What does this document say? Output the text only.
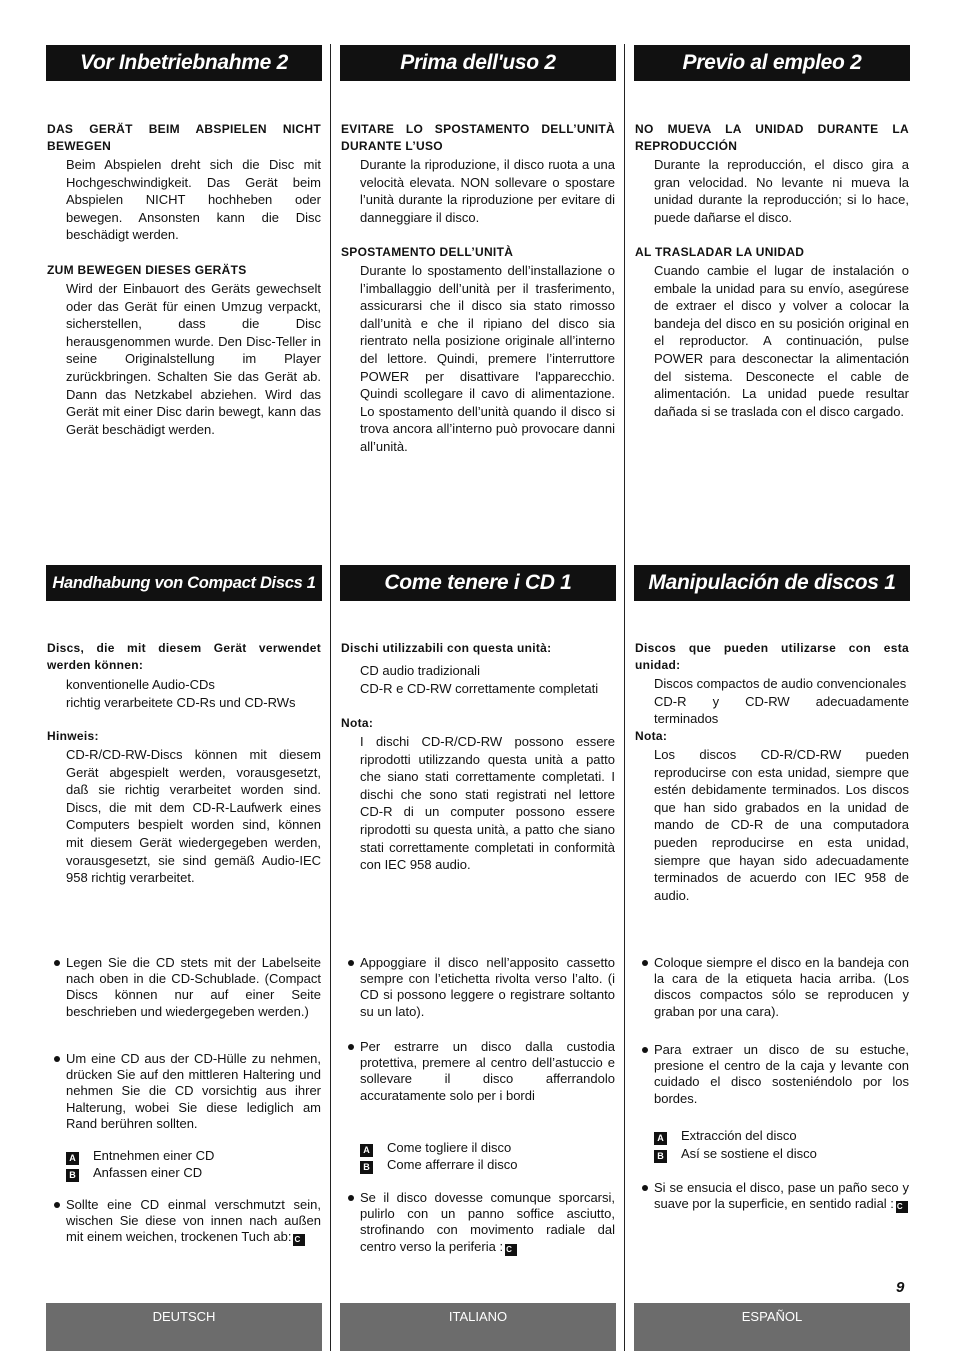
Vor Inbetriebnahme 2
DAS GERÄT BEIM ABSPIELEN NICHT BEWEGEN
Beim Abspielen dreht sich die Disc mit Hochgeschwindigkeit. Das Gerät beim Abspielen NICHT hochheben oder bewegen. Ansonsten kann die Disc beschädigt werden.
ZUM BEWEGEN DIESES GERÄTS
Wird der Einbauort des Geräts gewechselt oder das Gerät für einen Umzug verpackt, sicherstellen, dass die Disc herausgenommen wurde. Den Disc-Teller in seine Originalstellung im Player zurückbringen. Schalten Sie das Gerät ab. Dann das Netzkabel abziehen. Wird das Gerät mit einer Disc darin bewegt, kann das Gerät beschädigt werden.
Handhabung von Compact Discs 1
Discs, die mit diesem Gerät verwendet werden können:
konventionelle Audio-CDs
richtig verarbeitete CD-Rs und CD-RWs
Hinweis:
CD-R/CD-RW-Discs können mit diesem Gerät abgespielt werden, vorausgesetzt, daß sie richtig verarbeitet worden sind. Discs, die mit dem CD-R-Laufwerk eines Computers bespielt worden sind, können mit diesem Gerät wiedergegeben werden, vorausgesetzt, sie sind gemäß Audio-IEC 958 richtig verarbeitet.
Legen Sie die CD stets mit der Labelseite nach oben in die CD-Schublade. (Compact Discs können nur auf einer Seite beschrieben und wiedergegeben werden.)
Um eine CD aus der CD-Hülle zu nehmen, drücken Sie auf den mittleren Haltering und nehmen Sie die CD vorsichtig aus ihrer Halterung, wobei Sie diese lediglich am Rand berühren sollten.
A Entnehmen einer CD
B Anfassen einer CD
Sollte eine CD einmal verschmutzt sein, wischen Sie diese von innen nach außen mit einem weichen, trockenen Tuch ab: C
DEUTSCH
Prima dell'uso 2
EVITARE LO SPOSTAMENTO DELL’UNITÀ DURANTE L’USO
Durante la riproduzione, il disco ruota a una velocità elevata. NON sollevare o spostare l’unità durante la riproduzione per evitare di danneggiare il disco.
SPOSTAMENTO DELL’UNITÀ
Durante lo spostamento dell’installazione o l’imballaggio dell’unità per il trasferimento, assicurarsi che il disco sia stato rimosso dall’unità e che il ripiano del disco sia rientrato nella posizione originale all’interno del lettore. Quindi, premere l’interruttore POWER per disattivare l'apparecchio. Quindi scollegare il cavo di alimentazione. Lo spostamento dell’unità quando il disco si trova ancora all’interno può provocare danni all’unità.
Come tenere i CD 1
Dischi utilizzabili con questa unità:
CD audio tradizionali
CD-R e CD-RW correttamente completati
Nota:
I dischi CD-R/CD-RW possono essere riprodotti utilizzando questa unità a patto che siano stati correttamente completati. I dischi che sono stati registrati nel lettore CD-R di un computer possono essere riprodotti su questa unità, a patto che siano stati correttamente completati in conformità con IEC 958 audio.
Appoggiare il disco nell’apposito cassetto sempre con l’etichetta rivolta verso l’alto. (i CD si possono leggere o registrare soltanto su un lato).
Per estrarre un disco dalla custodia protettiva, premere al centro dell’astuccio e sollevare il disco afferrandolo accuratamente solo per i bordi
A Come togliere il disco
B Come afferrare il disco
Se il disco dovesse comunque sporcarsi, pulirlo con un panno soffice asciutto, strofinando con movimento radiale dal centro verso la periferia : C
ITALIANO
Previo al empleo 2
NO MUEVA LA UNIDAD DURANTE LA REPRODUCCIÓN
Durante la reproducción, el disco gira a gran velocidad. No levante ni mueva la unidad durante la reproducción; si lo hace, puede dañarse el disco.
AL TRASLADAR LA UNIDAD
Cuando cambie el lugar de instalación o embale la unidad para su envío, asegúrese de extraer el disco y volver a colocar la bandeja del disco en su posición original en el reproductor. A continuación, pulse POWER para desconectar la alimentación del sistema. Desconecte el cable de alimentación. La unidad puede resultar dañada si se traslada con el disco cargado.
Manipulación de discos 1
Discos que pueden utilizarse con esta unidad:
Discos compactos de audio convencionales
CD-R y CD-RW adecuadamente terminados
Nota:
Los discos CD-R/CD-RW pueden reproducirse con esta unidad, siempre que estén debidamente terminados. Los discos que han sido grabados en la unidad de mando de CD-R de una computadora pueden reproducirse en esta unidad, siempre que hayan sido adecuadamente terminados de acuerdo con IEC 958 de audio.
Coloque siempre el disco en la bandeja con la cara de la etiqueta hacia arriba. (Los discos compactos sólo se reproducen y graban por una cara).
Para extraer un disco de su estuche, presione el centro de la caja y levante con cuidado el disco sosteniéndolo por los bordes.
A Extracción del disco
B Así se sostiene el disco
Si se ensucia el disco, pase un paño seco y suave por la superficie, en sentido radial : C
ESPAÑOL
9
